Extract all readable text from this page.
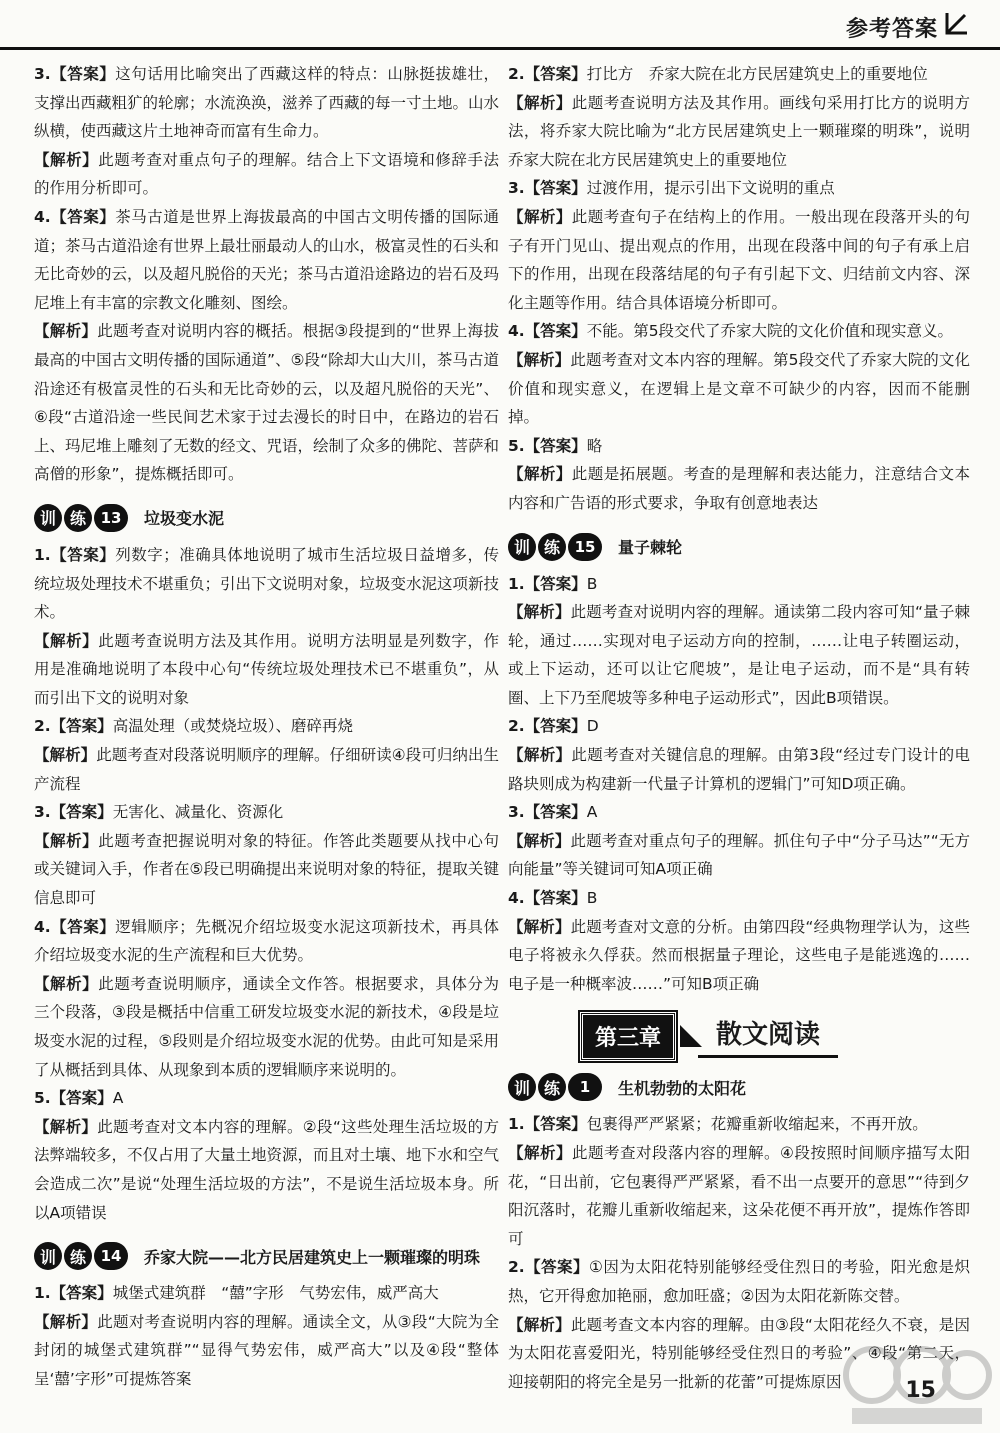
参考答案

3.【答案】这句话用比喻突出了西藏这样的特点：山脉挺拔雄壮，支撑出西藏粗犷的轮廓；水流涣涣，滋养了西藏的每一寸土地。山水纵横，使西藏这片土地神奇而富有生命力。

【解析】此题考查对重点句子的理解。结合上下文语境和修辞手法的作用分析即可。

4.【答案】茶马古道是世界上海拔最高的中国古文明传播的国际通道；茶马古道沿途有世界上最壮丽最动人的山水，极富灵性的石头和无比奇妙的云，以及超凡脱俗的天光；茶马古道沿途路边的岩石及玛尼堆上有丰富的宗教文化雕刻、图绘。

【解析】此题考查对说明内容的概括。根据③段提到的“世界上海拔最高的中国古文明传播的国际通道”、⑤段“除却大山大川，茶马古道沿途还有极富灵性的石头和无比奇妙的云，以及超凡脱俗的天光”、⑥段“古道沿途一些民间艺术家于过去漫长的时日中，在路边的岩石上、玛尼堆上雕刻了无数的经文、咒语，绘制了众多的佛陀、菩萨和高僧的形象”，提炼概括即可。

训 练 13	垃圾变水泥

1.【答案】列数字；准确具体地说明了城市生活垃圾日益增多，传统垃圾处理技术不堪重负；引出下文说明对象，垃圾变水泥这项新技术。

【解析】此题考查说明方法及其作用。说明方法明显是列数字，作用是准确地说明了本段中心句“传统垃圾处理技术已不堪重负”，从而引出下文的说明对象

2.【答案】高温处理（或焚烧垃圾）、磨碎再烧

【解析】此题考查对段落说明顺序的理解。仔细研读④段可归纳出生产流程

3.【答案】无害化、减量化、资源化

【解析】此题考查把握说明对象的特征。作答此类题要从找中心句或关键词入手，作者在⑤段已明确提出来说明对象的特征，提取关键信息即可

4.【答案】逻辑顺序；先概况介绍垃圾变水泥这项新技术，再具体介绍垃圾变水泥的生产流程和巨大优势。

【解析】此题考查说明顺序，通读全文作答。根据要求，具体分为三个段落，③段是概括中信重工研发垃圾变水泥的新技术，④段是垃圾变水泥的过程，⑤段则是介绍垃圾变水泥的优势。由此可知是采用了从概括到具体、从现象到本质的逻辑顺序来说明的。

5.【答案】A

【解析】此题考查对文本内容的理解。②段“这些处理生活垃圾的方法弊端较多，不仅占用了大量土地资源，而且对土壤、地下水和空气会造成二次”是说“处理生活垃圾的方法”，不是说生活垃圾本身。所以A项错误

训 练 14	乔家大院——北方民居建筑史上一颗璀璨的明珠

1.【答案】城堡式建筑群　“囍”字形　气势宏伟，威严高大

【解析】此题对考查说明内容的理解。通读全文，从③段“大院为全封闭的城堡式建筑群”“显得气势宏伟，威严高大”以及④段“整体呈‘囍’字形”可提炼答案

2.【答案】打比方　乔家大院在北方民居建筑史上的重要地位

【解析】此题考查说明方法及其作用。画线句采用打比方的说明方法，将乔家大院比喻为“北方民居建筑史上一颗璀璨的明珠”，说明乔家大院在北方民居建筑史上的重要地位

3.【答案】过渡作用，提示引出下文说明的重点

【解析】此题考查句子在结构上的作用。一般出现在段落开头的句子有开门见山、提出观点的作用，出现在段落中间的句子有承上启下的作用，出现在段落结尾的句子有引起下文、归结前文内容、深化主题等作用。结合具体语境分析即可。

4.【答案】不能。第5段交代了乔家大院的文化价值和现实意义。

【解析】此题考查对文本内容的理解。第5段交代了乔家大院的文化价值和现实意义，在逻辑上是文章不可缺少的内容，因而不能删掉。

5.【答案】略

【解析】此题是拓展题。考查的是理解和表达能力，注意结合文本内容和广告语的形式要求，争取有创意地表达

训 练 15	量子棘轮

1.【答案】B

【解析】此题考查对说明内容的理解。通读第二段内容可知“量子棘轮，通过……实现对电子运动方向的控制，……让电子转圈运动，或上下运动，还可以让它爬坡”，是让电子运动，而不是“具有转圈、上下乃至爬坡等多种电子运动形式”，因此B项错误。

2.【答案】D

【解析】此题考查对关键信息的理解。由第3段“经过专门设计的电路块则成为构建新一代量子计算机的逻辑门”可知D项正确。

3.【答案】A

【解析】此题考查对重点句子的理解。抓住句子中“分子马达”“无方向能量”等关键词可知A项正确

4.【答案】B

【解析】此题考查对文意的分析。由第四段“经典物理学认为，这些电子将被永久俘获。然而根据量子理论，这些电子是能逃逸的……电子是一种概率波……”可知B项正确

第三章	散文阅读
训 练	1	生机勃勃的太阳花

1.【答案】包裹得严严紧紧；花瓣重新收缩起来，不再开放。

【解析】此题考查对段落内容的理解。④段按照时间顺序描写太阳花，“日出前，它包裹得严严紧紧，看不出一点要开的意思”“待到夕阳沉落时，花瓣儿重新收缩起来，这朵花便不再开放”，提炼作答即可

2.【答案】①因为太阳花特别能够经受住烈日的考验，阳光愈是炽热，它开得愈加艳丽，愈加旺盛；②因为太阳花新陈交替。

【解析】此题考查文本内容的理解。由③段“太阳花经久不衰，是因为太阳花喜爱阳光，特别能够经受住烈日的考验”、④段“第二天，迎接朝阳的将完全是另一批新的花蕾”可提炼原因	15
